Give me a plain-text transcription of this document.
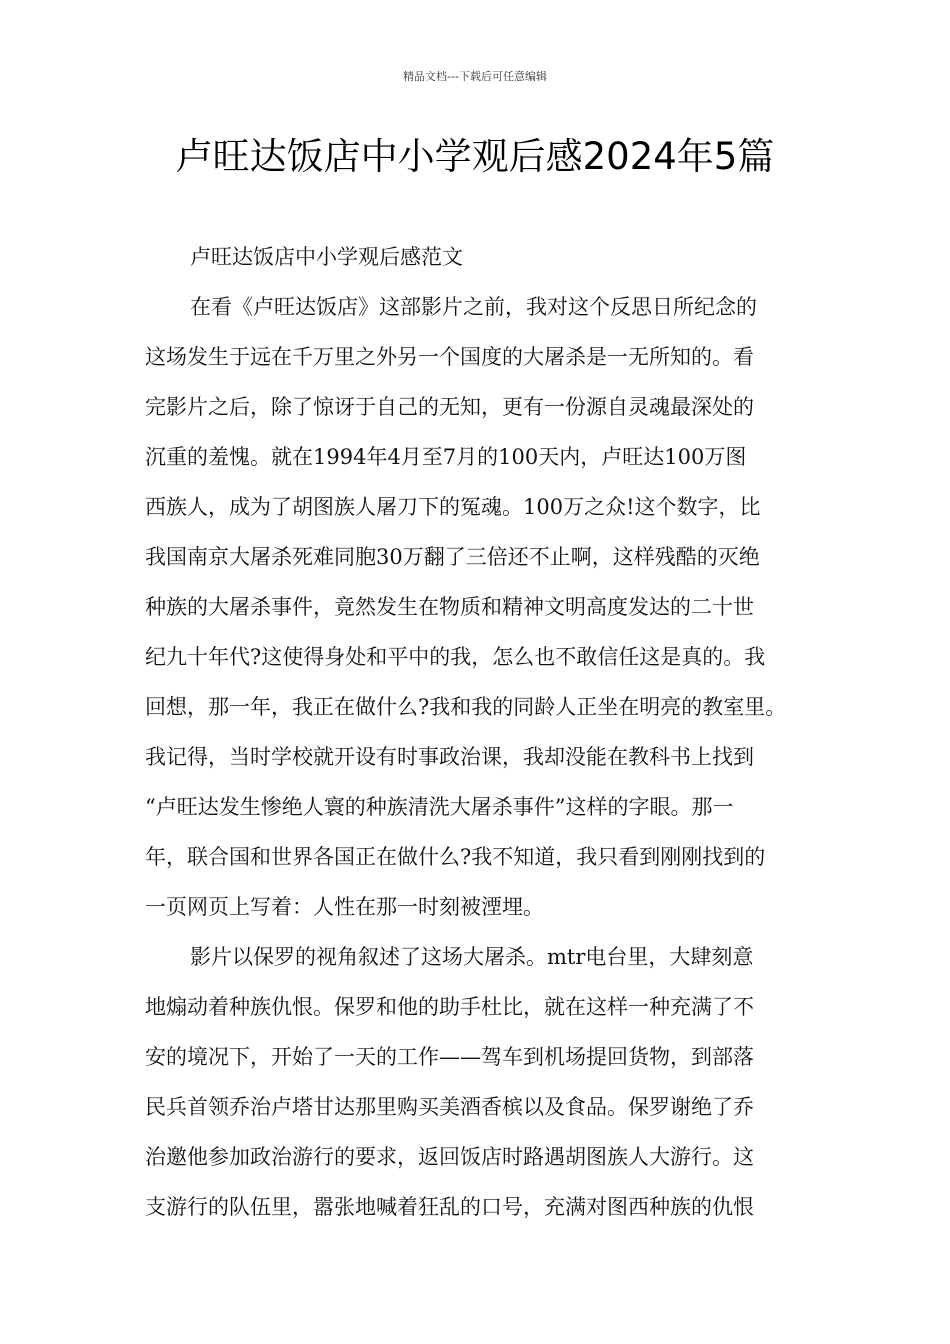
精品文档---下载后可任意编辑
卢旺达饭店中小学观后感2024年5篇
卢旺达饭店中小学观后感范文

在看《卢旺达饭店》这部影片之前，我对这个反思日所纪念的
这场发生于远在千万里之外另一个国度的大屠杀是一无所知的。看
完影片之后，除了惊讶于自己的无知，更有一份源自灵魂最深处的
沉重的羞愧。就在1994年4月至7月的100天内，卢旺达100万图
西族人，成为了胡图族人屠刀下的冤魂。100万之众!这个数字，比
我国南京大屠杀死难同胞30万翻了三倍还不止啊，这样残酷的灭绝
种族的大屠杀事件，竟然发生在物质和精神文明高度发达的二十世
纪九十年代?这使得身处和平中的我，怎么也不敢信任这是真的。我
回想，那一年，我正在做什么?我和我的同龄人正坐在明亮的教室里。
我记得，当时学校就开设有时事政治课，我却没能在教科书上找到
“卢旺达发生惨绝人寰的种族清洗大屠杀事件”这样的字眼。那一
年，联合国和世界各国正在做什么?我不知道，我只看到刚刚找到的
一页网页上写着：人性在那一时刻被湮埋。

影片以保罗的视角叙述了这场大屠杀。mtr电台里，大肆刻意
地煽动着种族仇恨。保罗和他的助手杜比，就在这样一种充满了不
安的境况下，开始了一天的工作——驾车到机场提回货物，到部落
民兵首领乔治卢塔甘达那里购买美酒香槟以及食品。保罗谢绝了乔
治邀他参加政治游行的要求，返回饭店时路遇胡图族人大游行。这
支游行的队伍里，嚣张地喊着狂乱的口号，充满对图西种族的仇恨
